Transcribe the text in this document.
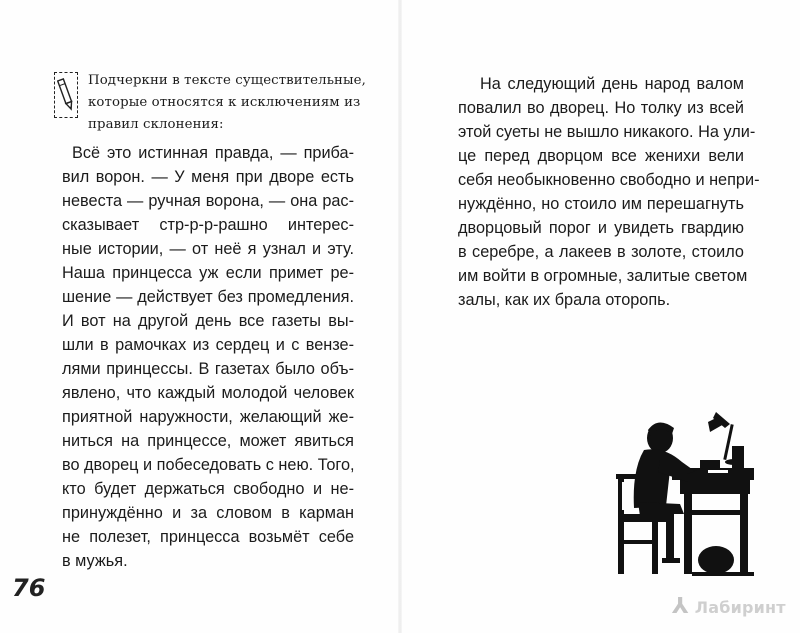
Подчеркни в тексте существительные,
которые относятся к исключениям из
правил склонения:
Всё это истинная правда, — приба-
вил ворон. — У меня при дворе есть
невеста — ручная ворона, — она рас-
сказывает стр-р-р-рашно интерес-
ные истории, — от неё я узнал и эту.
Наша принцесса уж если примет ре-
шение — действует без промедления.
И вот на другой день все газеты вы-
шли в рамочках из сердец и с вензе-
лями принцессы. В газетах было объ-
явлено, что каждый молодой человек
приятной наружности, желающий же-
ниться на принцессе, может явиться
во дворец и побеседовать с нею. Того,
кто будет держаться свободно и не-
принуждённо и за словом в карман
не полезет, принцесса возьмёт себе
в мужья.
На следующий день народ валом
повалил во дворец. Но толку из всей
этой суеты не вышло никакого. На ули-
це перед дворцом все женихи вели
себя необыкновенно свободно и непри-
нуждённо, но стоило им перешагнуть
дворцовый порог и увидеть гвардию
в серебре, а лакеев в золоте, стоило
им войти в огромные, залитые светом
залы, как их брала оторопь.
76
⅄ Лабиринт
